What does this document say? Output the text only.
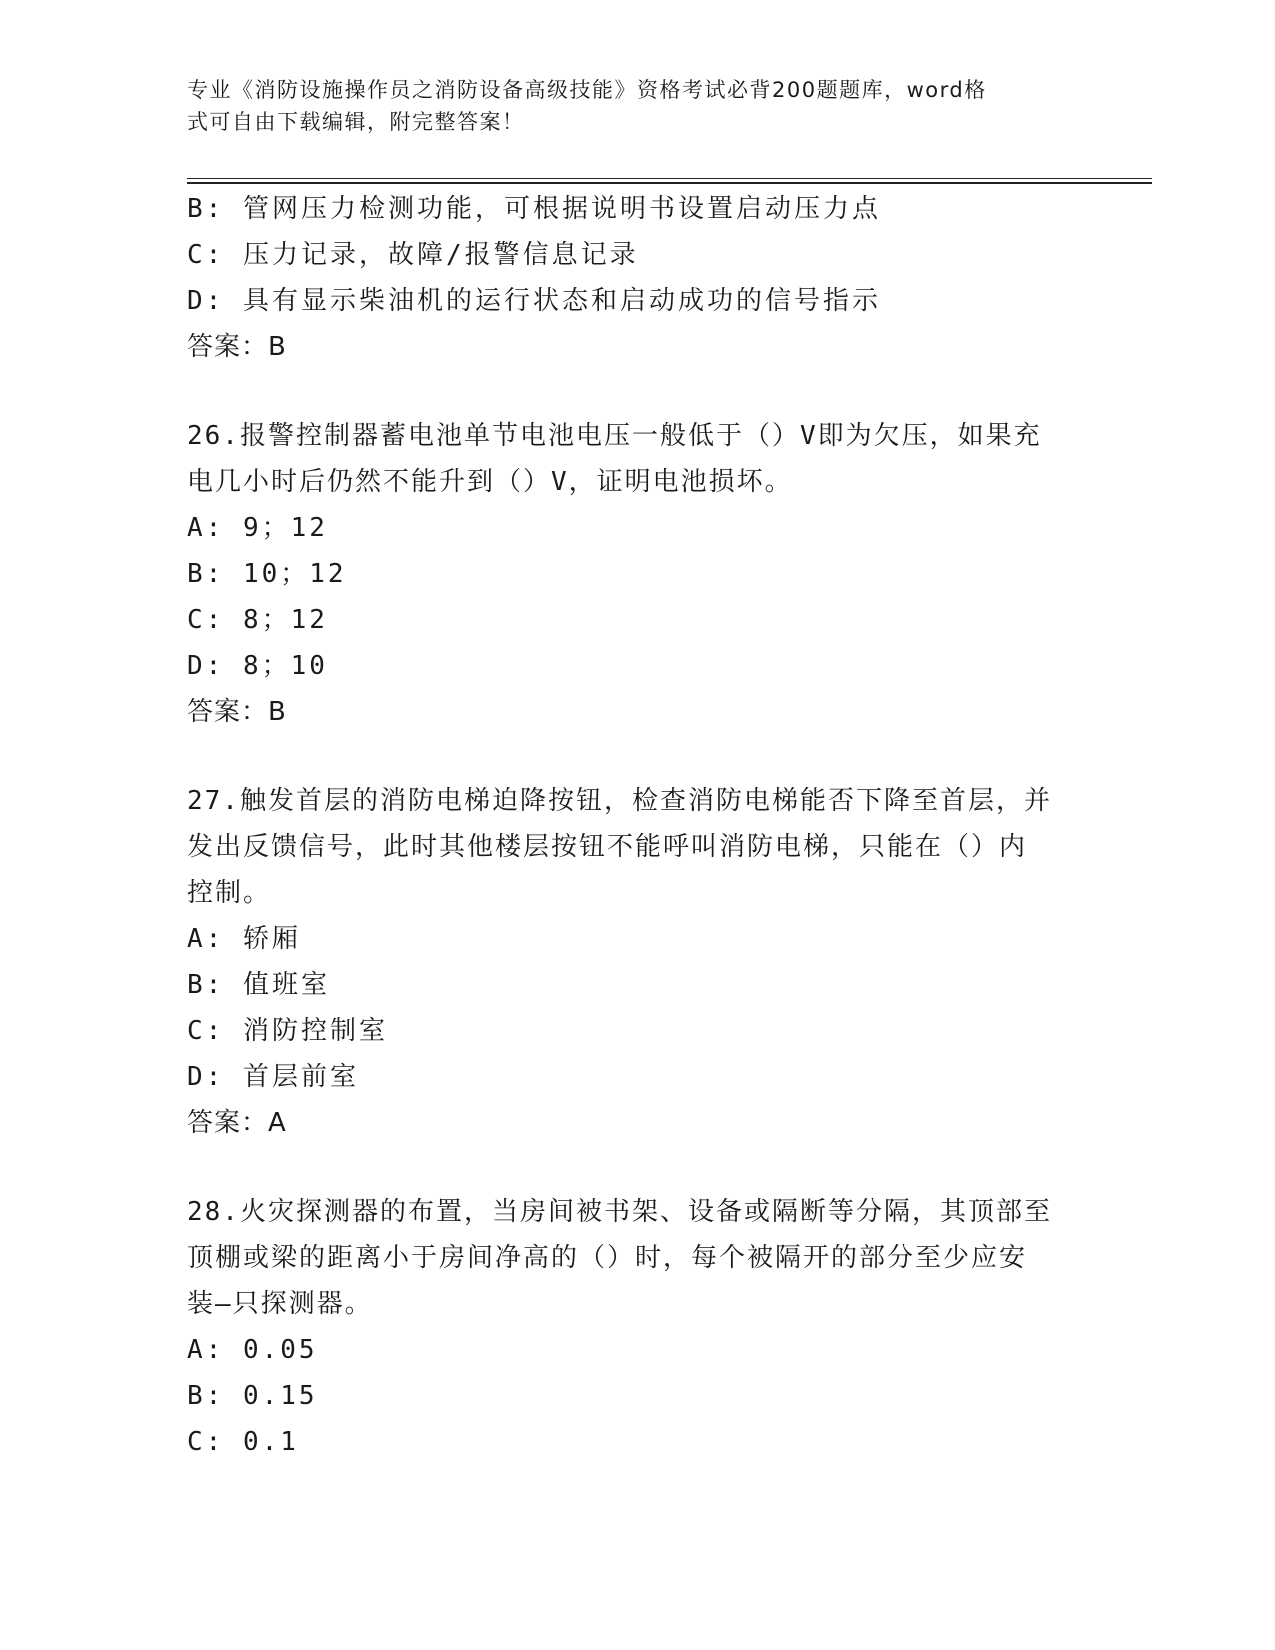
专业《消防设施操作员之消防设备高级技能》资格考试必背200题题库，word格
式可自由下载编辑，附完整答案！
B: 管网压力检测功能，可根据说明书设置启动压力点
C: 压力记录，故障/报警信息记录
D: 具有显示柴油机的运行状态和启动成功的信号指示
答案：B
26.报警控制器蓄电池单节电池电压一般低于（）V即为欠压，如果充
电几小时后仍然不能升到（）V，证明电池损坏。
A: 9；12
B: 10；12
C: 8；12
D: 8；10
答案：B
27.触发首层的消防电梯迫降按钮，检查消防电梯能否下降至首层，并
发出反馈信号，此时其他楼层按钮不能呼叫消防电梯，只能在（）内
控制。
A: 轿厢
B: 值班室
C: 消防控制室
D: 首层前室
答案：A
28.火灾探测器的布置，当房间被书架、设备或隔断等分隔，其顶部至
顶棚或梁的距离小于房间净高的（）时，每个被隔开的部分至少应安
装—只探测器。
A: 0.05
B: 0.15
C: 0.1
